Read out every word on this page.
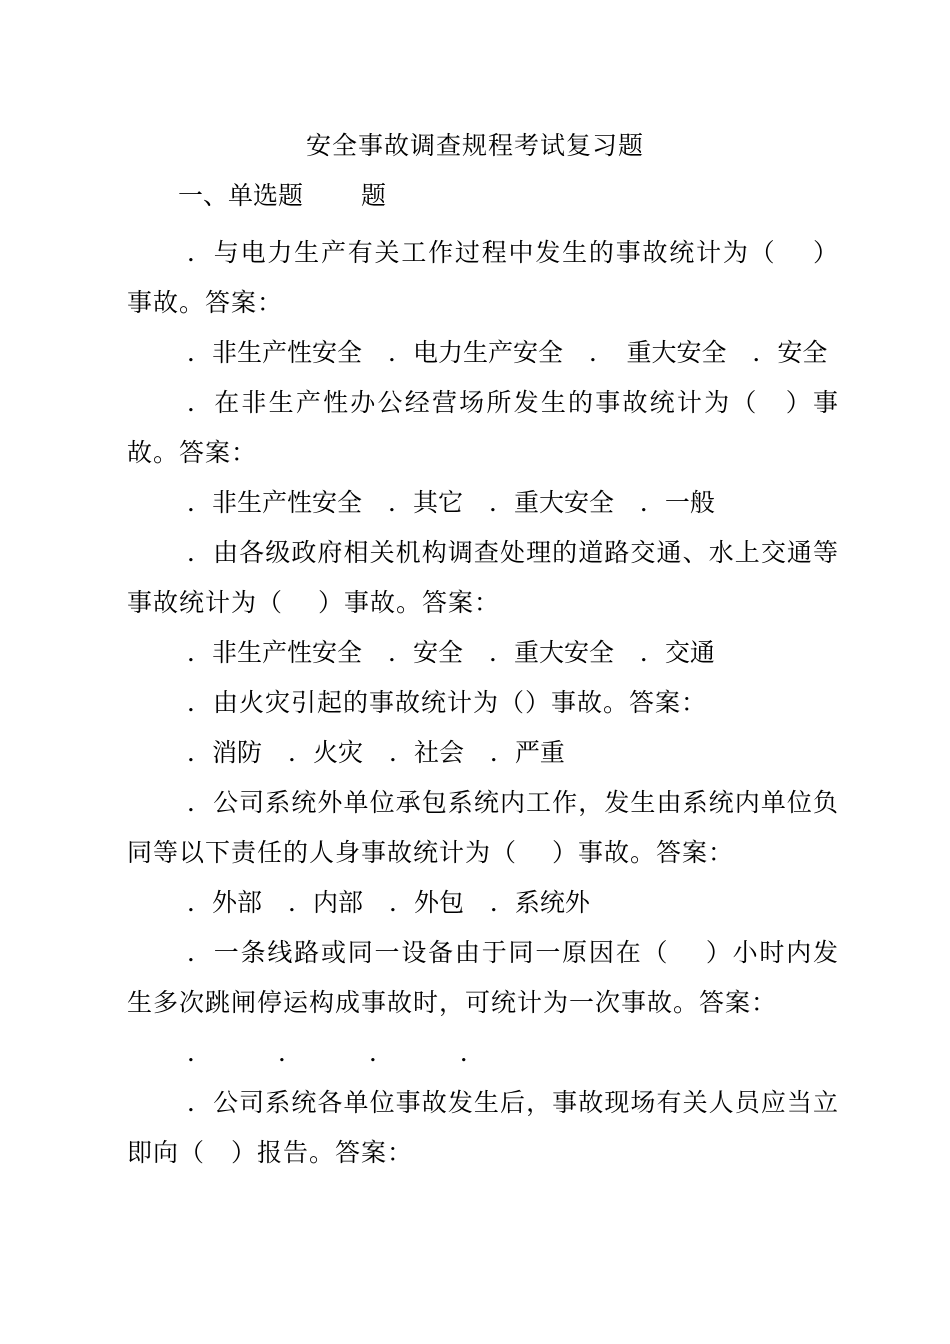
安全事故调查规程考试复习题
一、单选题 题

．与电力生产有关工作过程中发生的事故统计为（　 ）事故。答案：

．非生产性安全 ．电力生产安全 ．　重大安全 ．安全

．在非生产性办公经营场所发生的事故统计为（　）事故。答案：

．非生产性安全 ．其它 ．重大安全 ．一般

．由各级政府相关机构调查处理的道路交通、水上交通等事故统计为（　 ）事故。答案：

．非生产性安全 ．安全 ．重大安全 ．交通

．由火灾引起的事故统计为（）事故。答案：

．消防 ．火灾 ．社会 ．严重

．公司系统外单位承包系统内工作，发生由系统内单位负同等以下责任的人身事故统计为（　 ）事故。答案：

．外部 ．内部 ．外包 ．系统外

．一条线路或同一设备由于同一原因在（　 ）小时内发生多次跳闸停运构成事故时，可统计为一次事故。答案：

．	．	．	．

．公司系统各单位事故发生后，事故现场有关人员应当立即向（　）报告。答案：
